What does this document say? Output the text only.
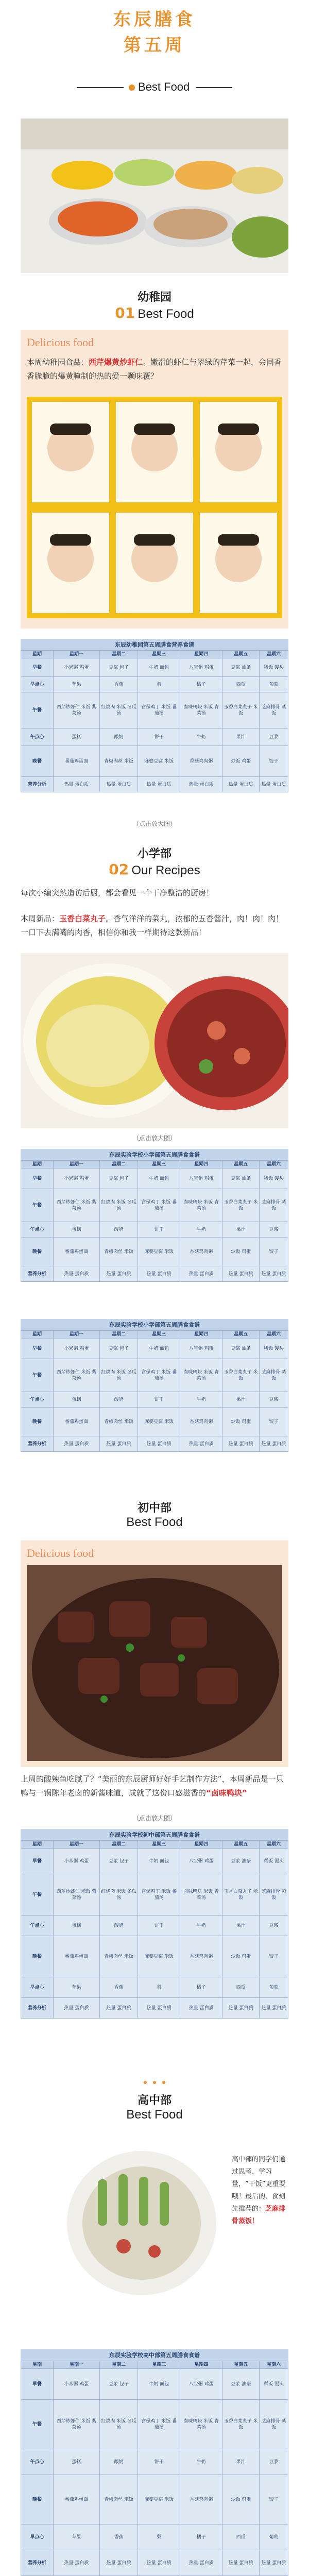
东辰膳食
第五周
Best Food
幼稚园
01 Best Food
Delicious food
本周幼稚园食品：西芹爆黄炒虾仁。嫩滑的虾仁与翠绿的芹菜一起，会同香香脆脆的爆黄腌制的热的爱一颗味覆？
东辰幼稚园第五周膳食营养食谱
星期	星期一	星期二	星期三	星期四	星期五	星期六
早餐	小米粥 鸡蛋	豆浆 包子	牛奶 面包	八宝粥 鸡蛋	豆浆 油条	稀饭 馒头
早点心	苹果	香蕉	梨	橘子	西瓜	葡萄
午餐	西芹炒虾仁 米饭 紫菜汤	红烧肉 米饭 冬瓜汤	宫保鸡丁 米饭 番茄汤	卤味鸭块 米饭 青菜汤	玉香白菜丸子 米饭	芝麻排骨 蒸饭
午点心	蛋糕	酸奶	饼干	牛奶	果汁	豆浆
晚餐	番茄鸡蛋面	青椒肉丝 米饭	麻婆豆腐 米饭	香菇鸡肉粥	炒饭 鸡蛋	饺子
营养分析	热量 蛋白质	热量 蛋白质	热量 蛋白质	热量 蛋白质	热量 蛋白质	热量 蛋白质
（点击放大图）
小学部
02 Our Recipes
每次小编突然造访后厨，都会看见一个干净整洁的厨房！
本周新品：玉香白菜丸子。香气洋洋的菜丸，浓郁的五香酱汁，肉！肉！肉！一口下去满嘴的肉香，相信你和我一样期待这款新品！
（点击放大图）
东辰实验学校小学部第五周膳食食谱
星期	星期一	星期二	星期三	星期四	星期五	星期六
早餐	小米粥 鸡蛋	豆浆 包子	牛奶 面包	八宝粥 鸡蛋	豆浆 油条	稀饭 馒头
午餐	西芹炒虾仁 米饭 紫菜汤	红烧肉 米饭 冬瓜汤	宫保鸡丁 米饭 番茄汤	卤味鸭块 米饭 青菜汤	玉香白菜丸子 米饭	芝麻排骨 蒸饭
午点心	蛋糕	酸奶	饼干	牛奶	果汁	豆浆
晚餐	番茄鸡蛋面	青椒肉丝 米饭	麻婆豆腐 米饭	香菇鸡肉粥	炒饭 鸡蛋	饺子
营养分析	热量 蛋白质	热量 蛋白质	热量 蛋白质	热量 蛋白质	热量 蛋白质	热量 蛋白质
东辰实验学校小学部第五周膳食食谱
星期	星期一	星期二	星期三	星期四	星期五	星期六
早餐	小米粥 鸡蛋	豆浆 包子	牛奶 面包	八宝粥 鸡蛋	豆浆 油条	稀饭 馒头
午餐	西芹炒虾仁 米饭 紫菜汤	红烧肉 米饭 冬瓜汤	宫保鸡丁 米饭 番茄汤	卤味鸭块 米饭 青菜汤	玉香白菜丸子 米饭	芝麻排骨 蒸饭
午点心	蛋糕	酸奶	饼干	牛奶	果汁	豆浆
晚餐	番茄鸡蛋面	青椒肉丝 米饭	麻婆豆腐 米饭	香菇鸡肉粥	炒饭 鸡蛋	饺子
营养分析	热量 蛋白质	热量 蛋白质	热量 蛋白质	热量 蛋白质	热量 蛋白质	热量 蛋白质
初中部
Best Food
Delicious food
上周的酸辣鱼吃腻了？“美丽的东辰厨师好好手艺制作方法”，本周新品是一只鸭与一锅陈年老卤的新酱味道，成就了这份口感滋香的“卤味鸭块”
（点击放大图）
东辰实验学校初中部第五周膳食食谱
星期	星期一	星期二	星期三	星期四	星期五	星期六
早餐	小米粥 鸡蛋	豆浆 包子	牛奶 面包	八宝粥 鸡蛋	豆浆 油条	稀饭 馒头
午餐	西芹炒虾仁 米饭 紫菜汤	红烧肉 米饭 冬瓜汤	宫保鸡丁 米饭 番茄汤	卤味鸭块 米饭 青菜汤	玉香白菜丸子 米饭	芝麻排骨 蒸饭
午点心	蛋糕	酸奶	饼干	牛奶	果汁	豆浆
晚餐	番茄鸡蛋面	青椒肉丝 米饭	麻婆豆腐 米饭	香菇鸡肉粥	炒饭 鸡蛋	饺子
早点心	苹果	香蕉	梨	橘子	西瓜	葡萄
营养分析	热量 蛋白质	热量 蛋白质	热量 蛋白质	热量 蛋白质	热量 蛋白质	热量 蛋白质
高中部
Best Food
高中部的同学们通过思考，学习量，“干饭”更重要哦！最后的、食刻先推荐的：芝麻排骨蒸饭！
东辰实验学校高中部第五周膳食食谱
星期	星期一	星期二	星期三	星期四	星期五	星期六
早餐	小米粥 鸡蛋	豆浆 包子	牛奶 面包	八宝粥 鸡蛋	豆浆 油条	稀饭 馒头
午餐	西芹炒虾仁 米饭 紫菜汤	红烧肉 米饭 冬瓜汤	宫保鸡丁 米饭 番茄汤	卤味鸭块 米饭 青菜汤	玉香白菜丸子 米饭	芝麻排骨 蒸饭
午点心	蛋糕	酸奶	饼干	牛奶	果汁	豆浆
晚餐	番茄鸡蛋面	青椒肉丝 米饭	麻婆豆腐 米饭	香菇鸡肉粥	炒饭 鸡蛋	饺子
早点心	苹果	香蕉	梨	橘子	西瓜	葡萄
营养分析	热量 蛋白质	热量 蛋白质	热量 蛋白质	热量 蛋白质	热量 蛋白质	热量 蛋白质
